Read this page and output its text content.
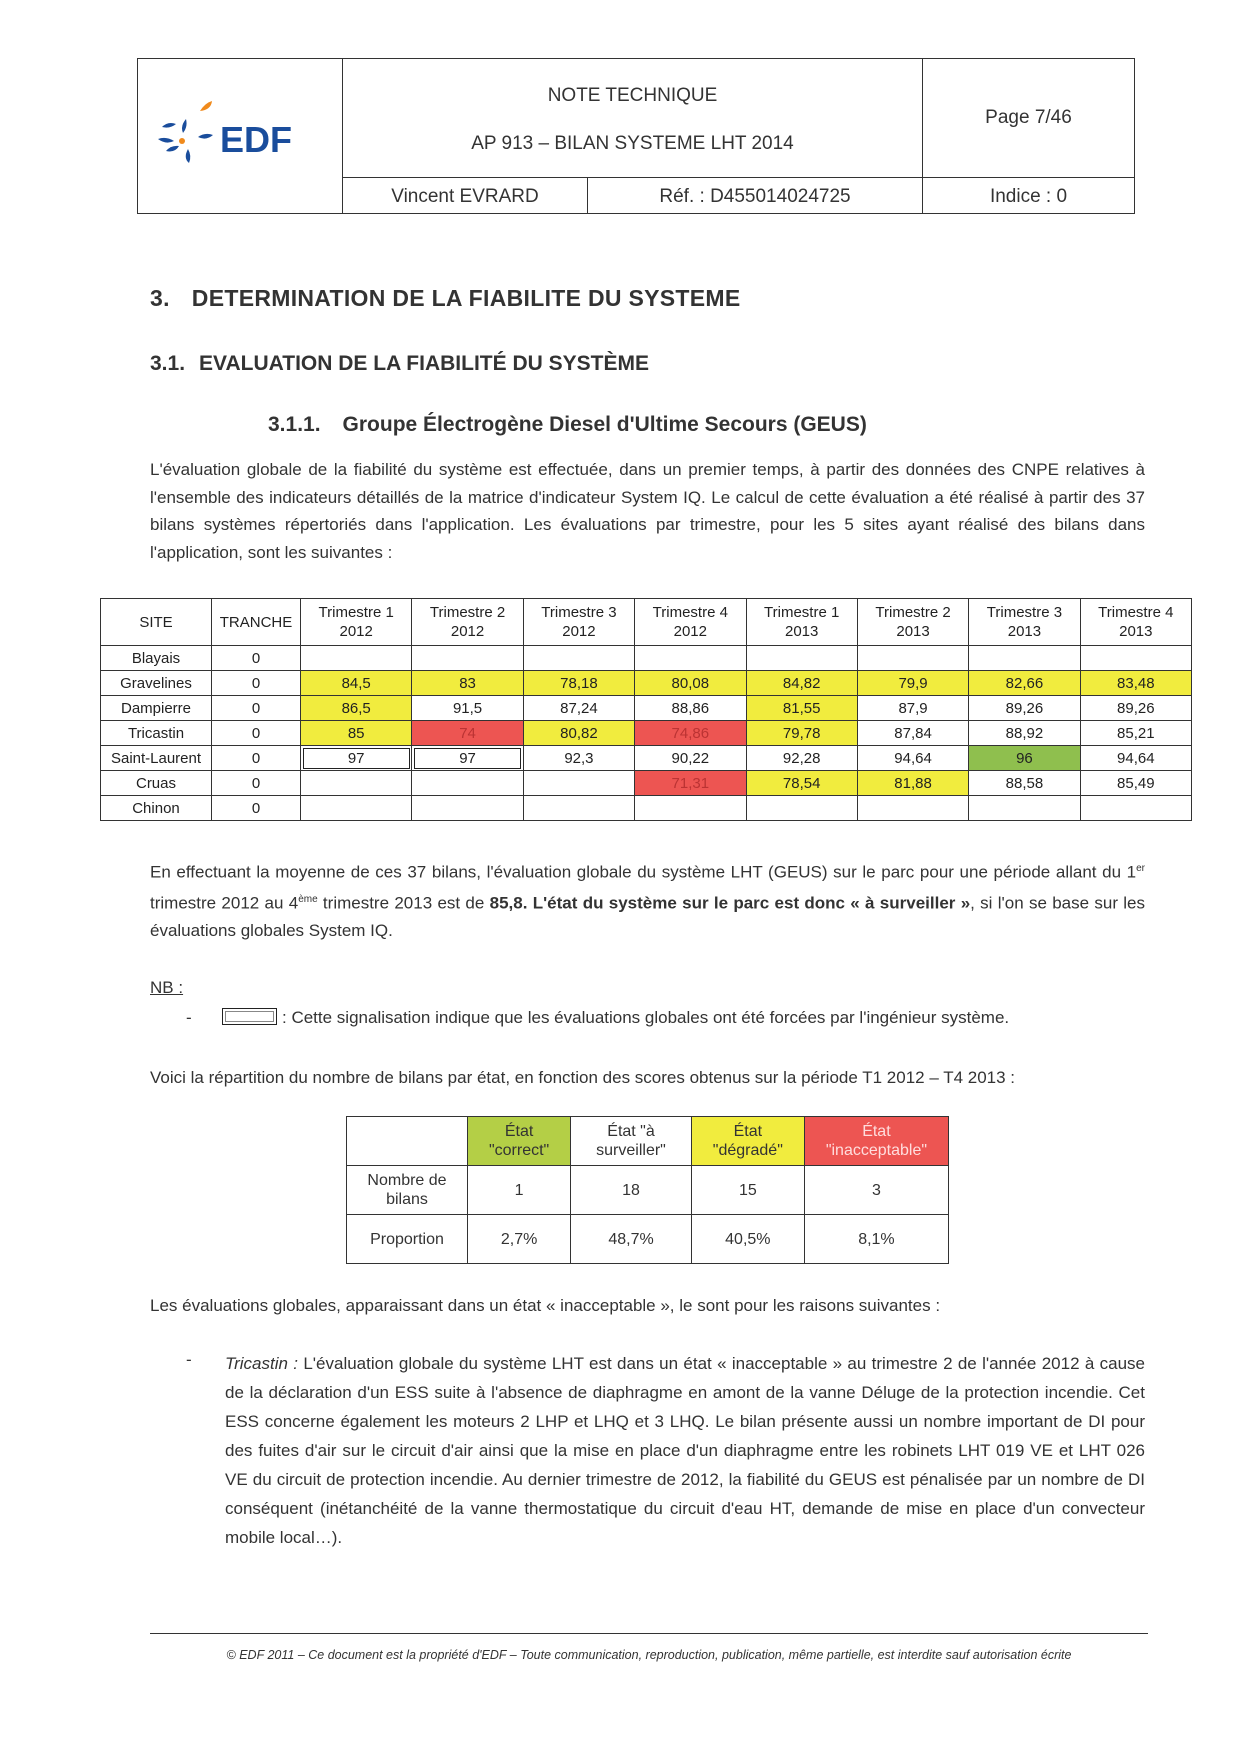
EDF
NOTE TECHNIQUE
AP 913 – BILAN SYSTEME LHT 2014
Page 7/46
Vincent EVRARD	Réf. : D455014024725	Indice : 0
3. DETERMINATION DE LA FIABILITE DU SYSTEME
3.1. EVALUATION DE LA FIABILITÉ DU SYSTÈME
3.1.1. Groupe Électrogène Diesel d'Ultime Secours (GEUS)
L'évaluation globale de la fiabilité du système est effectuée, dans un premier temps, à partir des données des CNPE relatives à l'ensemble des indicateurs détaillés de la matrice d'indicateur System IQ. Le calcul de cette évaluation a été réalisé à partir des 37 bilans systèmes répertoriés dans l'application. Les évaluations par trimestre, pour les 5 sites ayant réalisé des bilans dans l'application, sont les suivantes :
SITE	TRANCHE	Trimestre 1 2012	Trimestre 2 2012	Trimestre 3 2012	Trimestre 4 2012	Trimestre 1 2013	Trimestre 2 2013	Trimestre 3 2013	Trimestre 4 2013
Blayais	0								
Gravelines	0	84,5	83	78,18	80,08	84,82	79,9	82,66	83,48
Dampierre	0	86,5	91,5	87,24	88,86	81,55	87,9	89,26	89,26
Tricastin	0	85	74	80,82	74,86	79,78	87,84	88,92	85,21
Saint-Laurent	0	97	97	92,3	90,22	92,28	94,64	96	94,64
Cruas	0				71,31	78,54	81,88	88,58	85,49
Chinon	0								
En effectuant la moyenne de ces 37 bilans, l'évaluation globale du système LHT (GEUS) sur le parc pour une période allant du 1er trimestre 2012 au 4ème trimestre 2013 est de 85,8. L'état du système sur le parc est donc « à surveiller », si l'on se base sur les évaluations globales System IQ.
NB :
-	: Cette signalisation indique que les évaluations globales ont été forcées par l'ingénieur système.
Voici la répartition du nombre de bilans par état, en fonction des scores obtenus sur la période T1 2012 – T4 2013 :
	État "correct"	État "à surveiller"	État "dégradé"	État "inacceptable"
Nombre de bilans	1	18	15	3
Proportion	2,7%	48,7%	40,5%	8,1%
Les évaluations globales, apparaissant dans un état « inacceptable », le sont pour les raisons suivantes :
- Tricastin : L'évaluation globale du système LHT est dans un état « inacceptable » au trimestre 2 de l'année 2012 à cause de la déclaration d'un ESS suite à l'absence de diaphragme en amont de la vanne Déluge de la protection incendie. Cet ESS concerne également les moteurs 2 LHP et LHQ et 3 LHQ. Le bilan présente aussi un nombre important de DI pour des fuites d'air sur le circuit d'air ainsi que la mise en place d'un diaphragme entre les robinets LHT 019 VE et LHT 026 VE du circuit de protection incendie. Au dernier trimestre de 2012, la fiabilité du GEUS est pénalisée par un nombre de DI conséquent (inétanchéité de la vanne thermostatique du circuit d'eau HT, demande de mise en place d'un convecteur mobile local…).
© EDF 2011 – Ce document est la propriété d'EDF – Toute communication, reproduction, publication, même partielle, est interdite sauf autorisation écrite
